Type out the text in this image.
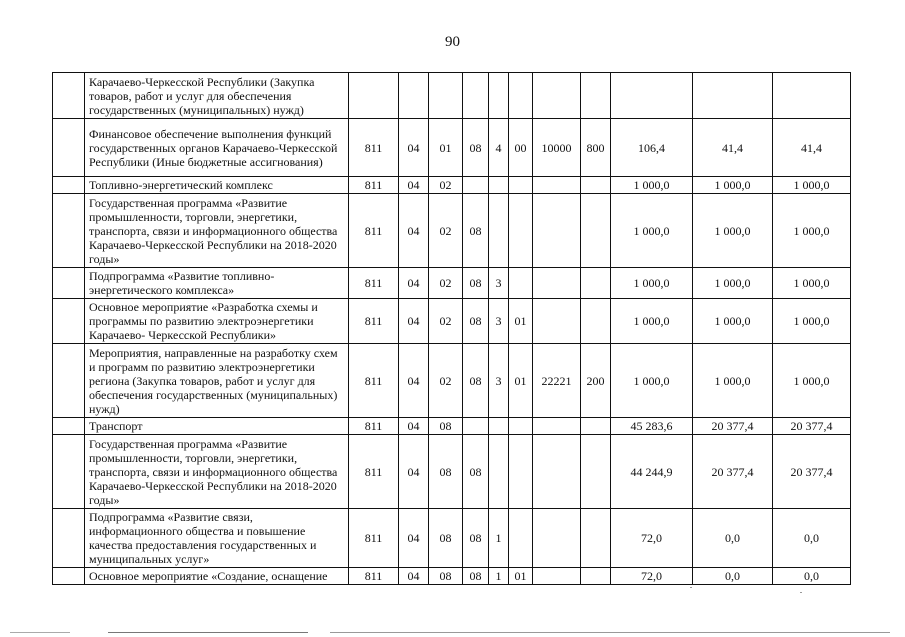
90
	Карачаево-Черкесской Республики (Закупка товаров, работ и услуг для обеспечения государственных (муниципальных) нужд)											
	Финансовое обеспечение выполнения функций государственных органов Карачаево-Черкесской Республики (Иные бюджетные ассигнования)	811	04	01	08	4	00	10000	800	106,4	41,4	41,4
	Топливно-энергетический комплекс	811	04	02						1 000,0	1 000,0	1 000,0
	Государственная программа «Развитие промышленности, торговли, энергетики, транспорта, связи и информационного общества Карачаево-Черкесской Республики на 2018-2020 годы»	811	04	02	08					1 000,0	1 000,0	1 000,0
	Подпрограмма «Развитие топливно-энергетического комплекса»	811	04	02	08	3				1 000,0	1 000,0	1 000,0
	Основное мероприятие «Разработка схемы и программы по развитию электроэнергетики Карачаево- Черкесской Республики»	811	04	02	08	3	01			1 000,0	1 000,0	1 000,0
	Мероприятия, направленные на разработку схем и программ по развитию электроэнергетики региона (Закупка товаров, работ и услуг для обеспечения государственных (муниципальных) нужд)	811	04	02	08	3	01	22221	200	1 000,0	1 000,0	1 000,0
	Транспорт	811	04	08						45 283,6	20 377,4	20 377,4
	Государственная программа «Развитие промышленности, торговли, энергетики, транспорта, связи и информационного общества Карачаево-Черкесской Республики на 2018-2020 годы»	811	04	08	08					44 244,9	20 377,4	20 377,4
	Подпрограмма «Развитие связи, информационного общества и повышение качества предоставления государственных и муниципальных услуг»	811	04	08	08	1				72,0	0,0	0,0
	Основное мероприятие «Создание, оснащение	811	04	08	08	1	01			72,0	0,0	0,0
